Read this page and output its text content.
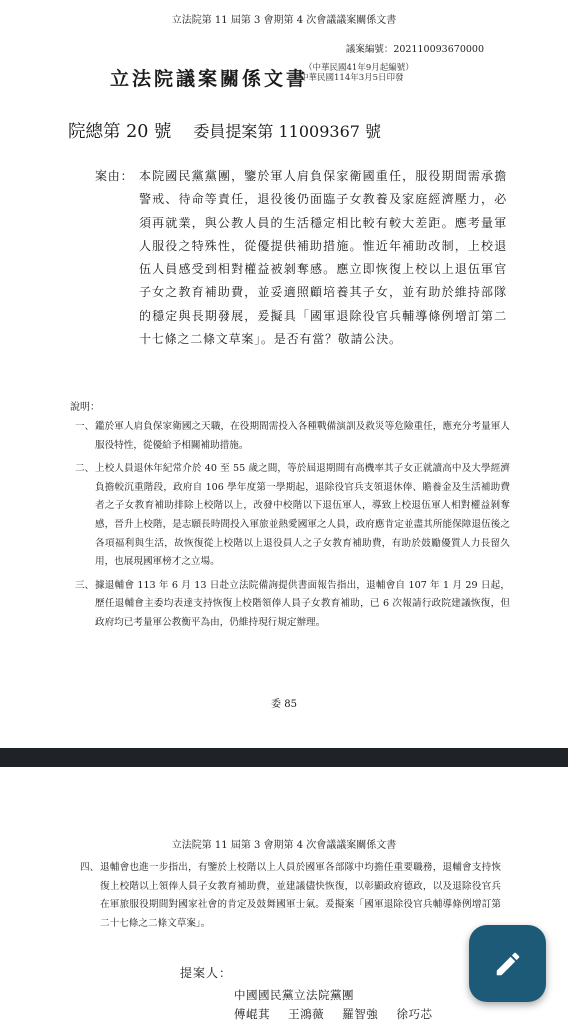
立法院第 11 屆第 3 會期第 4 次會議議案關係文書
議案編號：202110093670000
立法院議案關係文書
（中華民國41年9月起編號）
中華民國114年3月5日印發
院總第 20 號 委員提案第 11009367 號
案由： 本院國民黨黨團，鑒於軍人肩負保家衛國重任，服役期間需承擔警戒、待命等責任，退役後仍面臨子女教養及家庭經濟壓力，必須再就業，與公教人員的生活穩定相比較有較大差距。應考量軍人服役之特殊性，從優提供補助措施。惟近年補助改制，上校退伍人員感受到相對權益被剝奪感。應立即恢復上校以上退伍軍官子女之教育補助費，並妥適照顧培養其子女，並有助於維持部隊的穩定與長期發展，爰擬具「國軍退除役官兵輔導條例增訂第二十七條之二條文草案」。是否有當？敬請公決。
說明：
一、 鑑於軍人肩負保家衛國之天職，在役期間需投入各種戰備演訓及救災等危險重任，應充分考量軍人服役特性，從優給予相關補助措施。
二、 上校人員退休年紀常介於 40 至 55 歲之間，等於屆退期間有高機率其子女正就讀高中及大學經濟負擔較沉重階段，政府自 106 學年度第一學期起，退除役官兵支領退休俸、贍養金及生活補助費者之子女教育補助排除上校階以上，改發中校階以下退伍軍人，導致上校退伍軍人相對權益剝奪感，晉升上校階，是志願長時間投入軍旅並熱愛國軍之人員，政府應肯定並盡其所能保障退伍後之各項福利與生活，故恢復從上校階以上退役員人之子女教育補助費，有助於鼓勵優質人力長留久用，也展現國軍榜才之立場。
三、 據退輔會 113 年 6 月 13 日赴立法院備詢提供書面報告指出，退輔會自 107 年 1 月 29 日起，歷任退輔會主委均表達支持恢復上校階領俸人員子女教育補助，已 6 次報請行政院建議恢復，但政府均已考量軍公教衡平為由，仍維持現行規定辦理。
委 85
立法院第 11 屆第 3 會期第 4 次會議議案關係文書
四、 退輔會也進一步指出，有鑒於上校階以上人員於國軍各部隊中均擔任重要職務，退輔會支持恢復上校階以上領俸人員子女教育補助費，並建議儘快恢復，以彰顯政府德政，以及退除役官兵在軍旅服役期間對國家社會的肯定及鼓舞國軍士氣。爰擬案「國軍退除役官兵輔導條例增訂第二十七條之二條文草案」。
提案人：
中國國民黨立法院黨團
傅崐萁 王鴻薇 羅智強 徐巧芯
